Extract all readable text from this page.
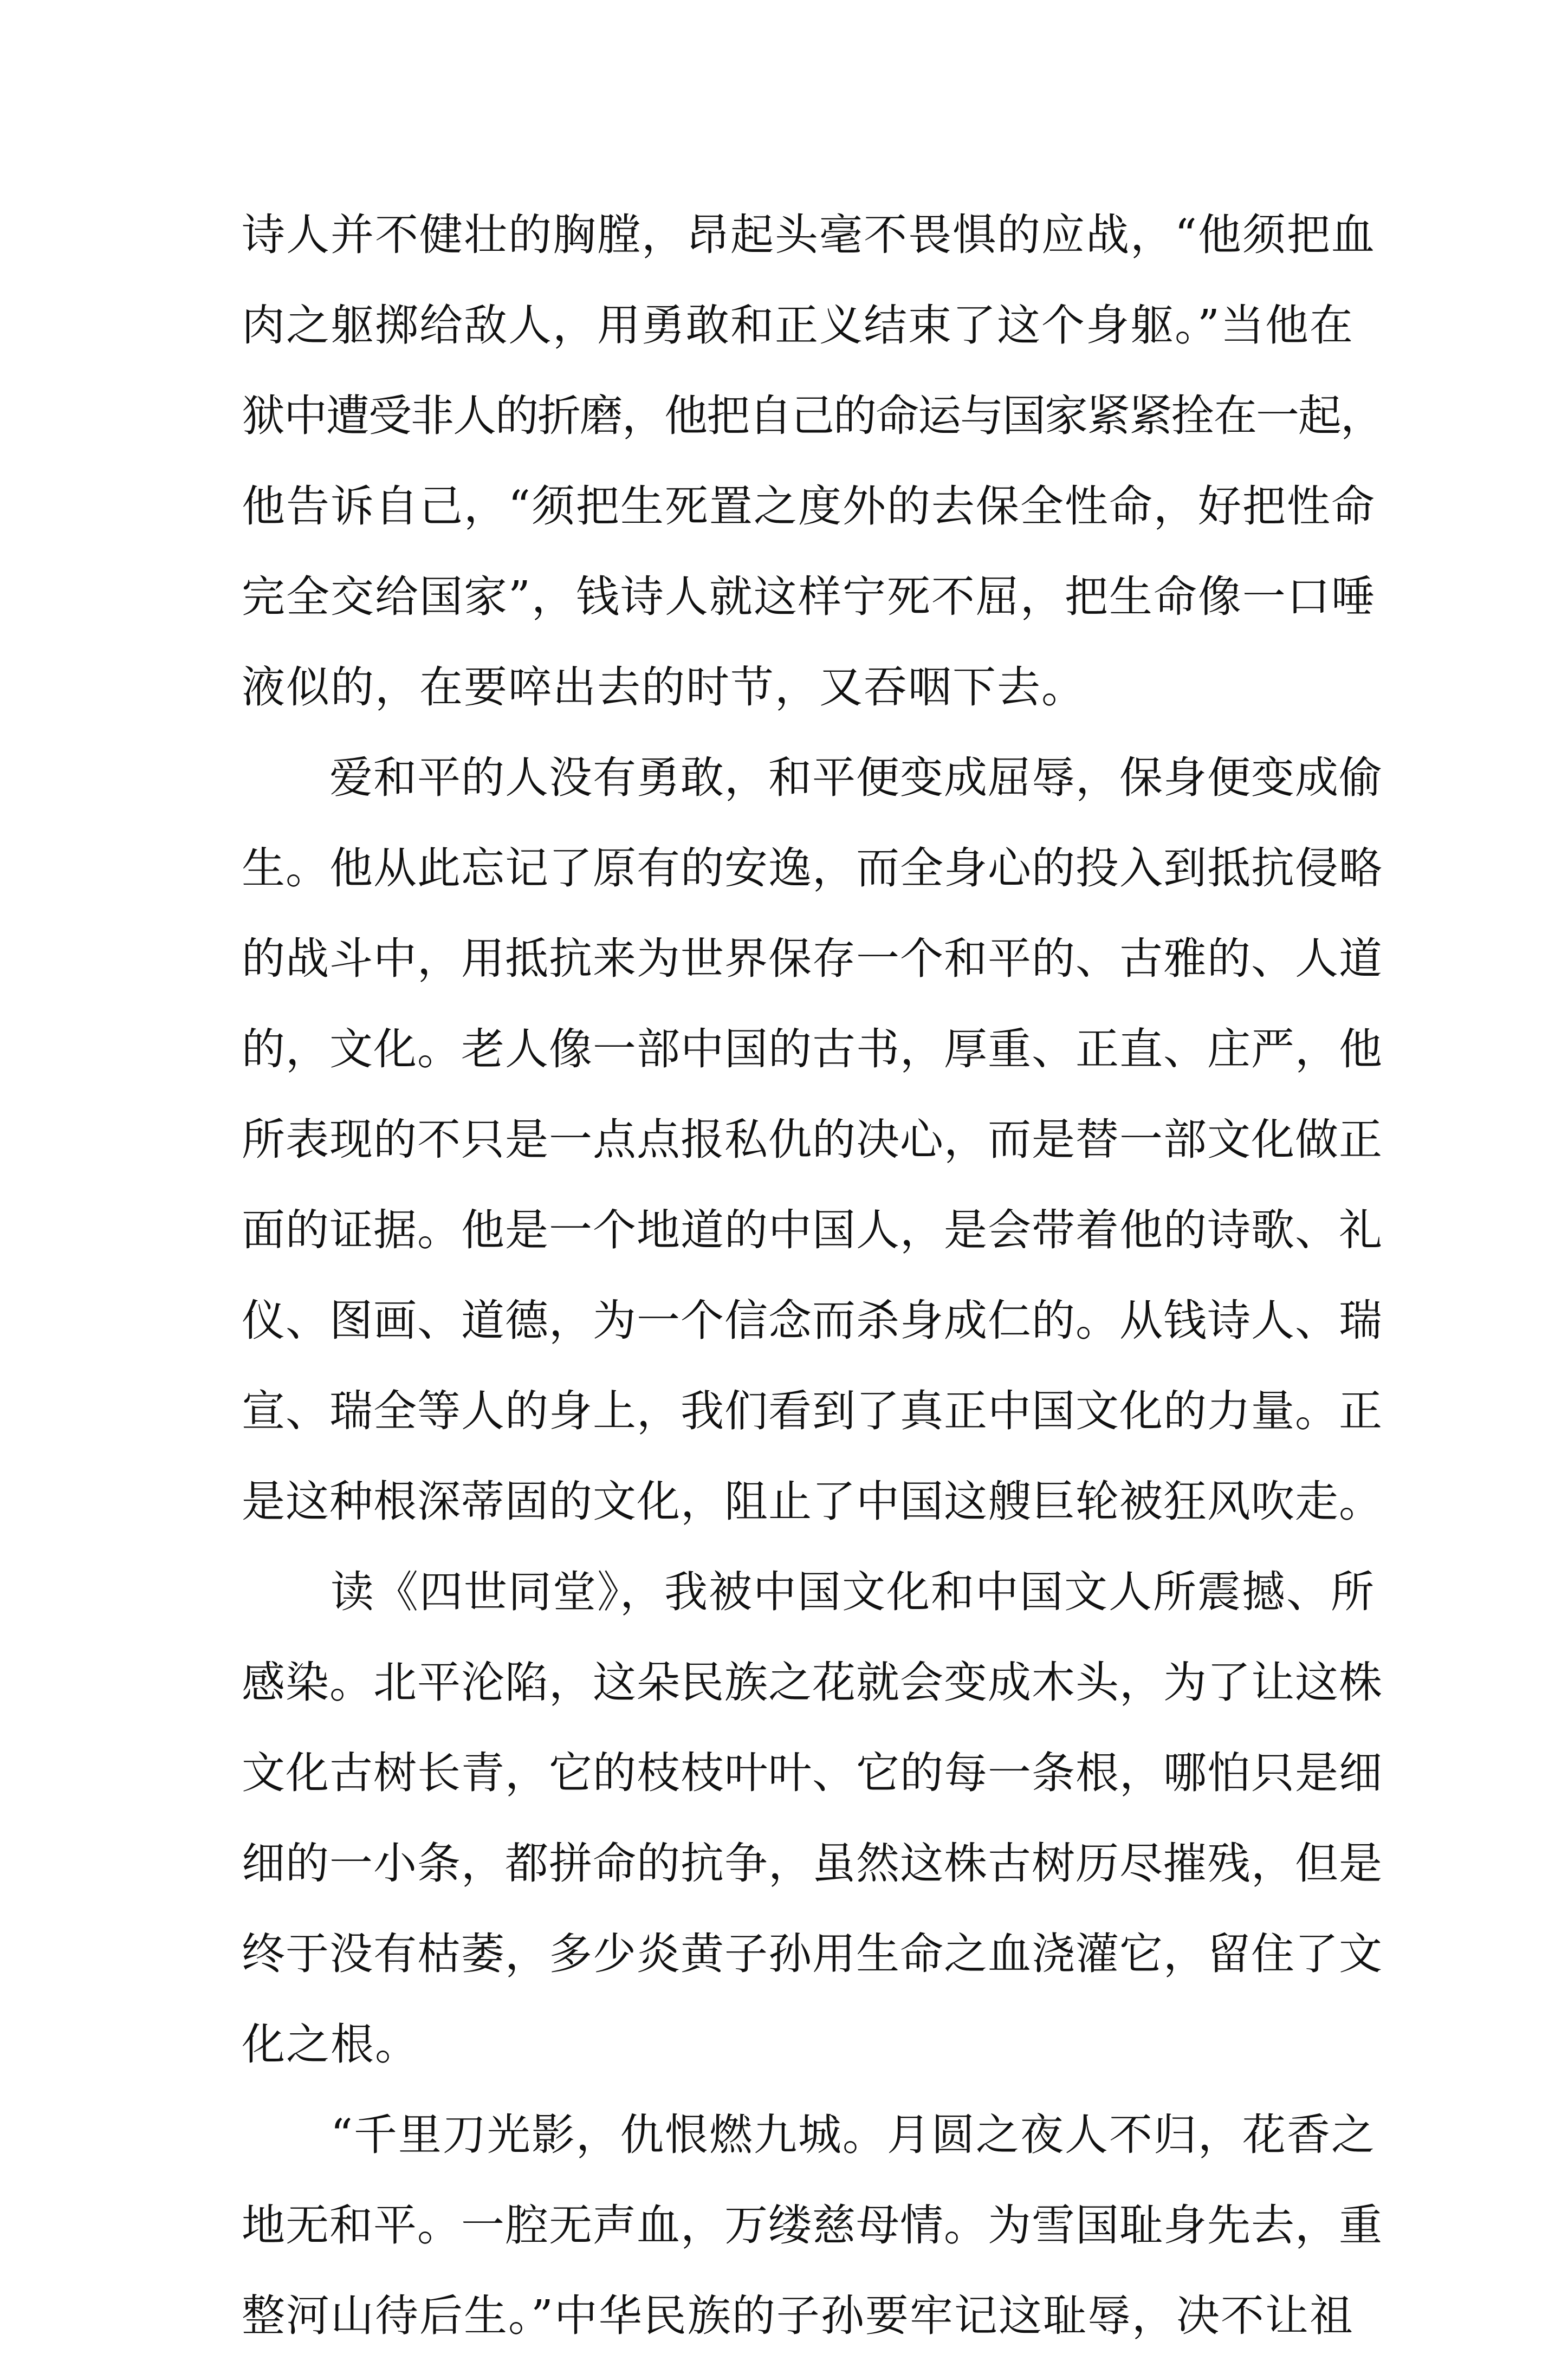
诗人并不健壮的胸膛，昂起头毫不畏惧的应战，“他须把血
肉之躯掷给敌人，用勇敢和正义结束了这个身躯。”当他在
狱中遭受非人的折磨，他把自己的命运与国家紧紧拴在一起，
他告诉自己，“须把生死置之度外的去保全性命，好把性命
完全交给国家”，钱诗人就这样宁死不屈，把生命像一口唾
液似的，在要啐出去的时节，又吞咽下去。
　　爱和平的人没有勇敢，和平便变成屈辱，保身便变成偷
生。他从此忘记了原有的安逸，而全身心的投入到抵抗侵略
的战斗中，用抵抗来为世界保存一个和平的、古雅的、人道
的，文化。老人像一部中国的古书，厚重、正直、庄严，他
所表现的不只是一点点报私仇的决心，而是替一部文化做正
面的证据。他是一个地道的中国人，是会带着他的诗歌、礼
仪、图画、道德，为一个信念而杀身成仁的。从钱诗人、瑞
宣、瑞全等人的身上，我们看到了真正中国文化的力量。正
是这种根深蒂固的文化，阻止了中国这艘巨轮被狂风吹走。
　　读《四世同堂》，我被中国文化和中国文人所震撼、所
感染。北平沦陷，这朵民族之花就会变成木头，为了让这株
文化古树长青，它的枝枝叶叶、它的每一条根，哪怕只是细
细的一小条，都拼命的抗争，虽然这株古树历尽摧残，但是
终于没有枯萎，多少炎黄子孙用生命之血浇灌它，留住了文
化之根。
　　“千里刀光影，仇恨燃九城。月圆之夜人不归，花香之
地无和平。一腔无声血，万缕慈母情。为雪国耻身先去，重
整河山待后生。”中华民族的子孙要牢记这耻辱，决不让祖
